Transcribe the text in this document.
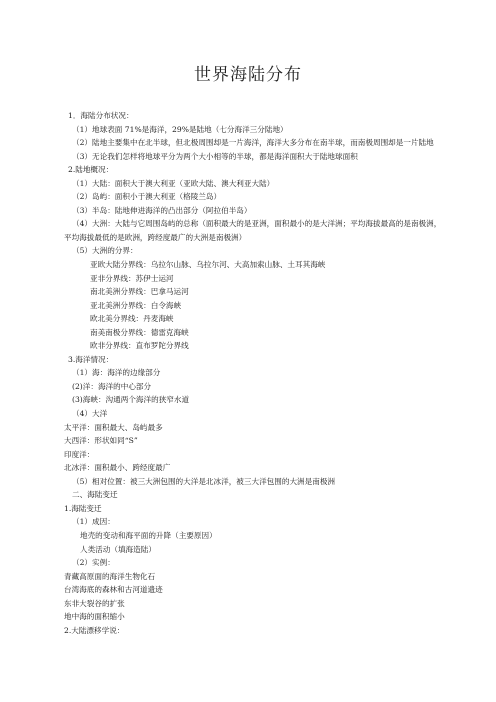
世界海陆分布
1．海陆分布状况：
（1）地球表面 71%是海洋，29%是陆地（七分海洋三分陆地）
（2）陆地主要集中在北半球，但北极周围却是一片海洋，海洋大多分布在南半球，而南极周围却是一片陆地
（3）无论我们怎样将地球平分为两个大小相等的半球，都是海洋面积大于陆地球面积
2.陆地概况：
（1）大陆：面积大于澳大利亚（亚欧大陆、澳大利亚大陆）
（2）岛屿：面积小于澳大利亚（格陵兰岛）
（3）半岛：陆地伸进海洋的凸出部分（阿拉伯半岛）
（4）大洲：大陆与它周围岛屿的总称（面积最大的是亚洲，面积最小的是大洋洲；平均海拔最高的是南极洲，平均海拔最低的是欧洲，跨经度最广的大洲是南极洲）
（5）大洲的分界：
亚欧大陆分界线：乌拉尔山脉、乌拉尔河、大高加索山脉、土耳其海峡
亚非分界线：苏伊士运河
南北美洲分界线：巴拿马运河
亚北美洲分界线：白令海峡
欧北美分界线：丹麦海峡
南美南极分界线：德雷克海峡
欧非分界线：直布罗陀分界线
3.海洋情况：
（1）海：海洋的边缘部分
(2)洋：海洋的中心部分
(3)海峡：沟通两个海洋的狭窄水道
（4）大洋
太平洋：面积最大、岛屿最多
大西洋：形状如同“S”
印度洋：
北冰洋：面积最小、跨经度最广
（5）相对位置：被三大洲包围的大洋是北冰洋，被三大洋包围的大洲是南极洲
二、海陆变迁
1.海陆变迁
（1）成因：
地壳的变动和海平面的升降（主要原因）
人类活动（填海造陆）
（2）实例：
青藏高原面的海洋生物化石
台湾海底的森林和古河道遗迹
东非大裂谷的扩张
地中海的面积缩小
2.大陆漂移学说：
